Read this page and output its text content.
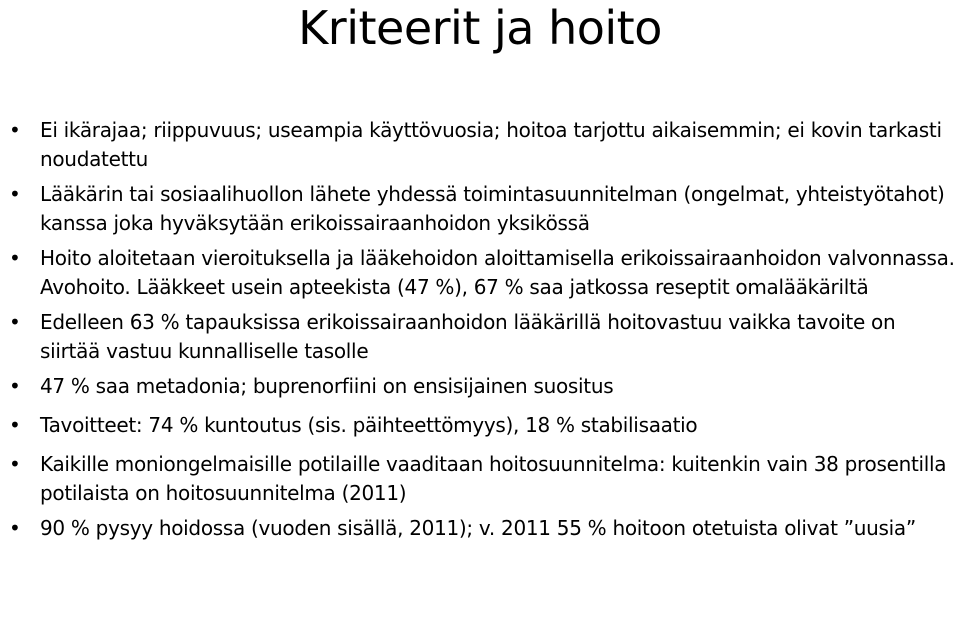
Kriteerit ja hoito
• Ei ikärajaa; riippuvuus; useampia käyttövuosia; hoitoa tarjottu aikaisemmin; ei kovin tarkasti noudatettu
• Lääkärin tai sosiaalihuollon lähete yhdessä toimintasuunnitelman (ongelmat, yhteistyötahot) kanssa joka hyväksytään erikoissairaanhoidon yksikössä
• Hoito aloitetaan vieroituksella ja lääkehoidon aloittamisella erikoissairaanhoidon valvonnassa. Avohoito. Lääkkeet usein apteekista (47 %), 67 % saa jatkossa reseptit omalääkäriltä
• Edelleen 63 % tapauksissa erikoissairaanhoidon lääkärillä hoitovastuu vaikka tavoite on siirtää vastuu kunnalliselle tasolle
• 47 % saa metadonia; buprenorfiini on ensisijainen suositus
• Tavoitteet: 74 % kuntoutus (sis. päihteettömyys), 18 % stabilisaatio
• Kaikille moniongelmaisille potilaille vaaditaan hoitosuunnitelma: kuitenkin vain 38 prosentilla potilaista on hoitosuunnitelma (2011)
• 90 % pysyy hoidossa (vuoden sisällä, 2011); v. 2011 55 % hoitoon otetuista olivat ”uusia”
